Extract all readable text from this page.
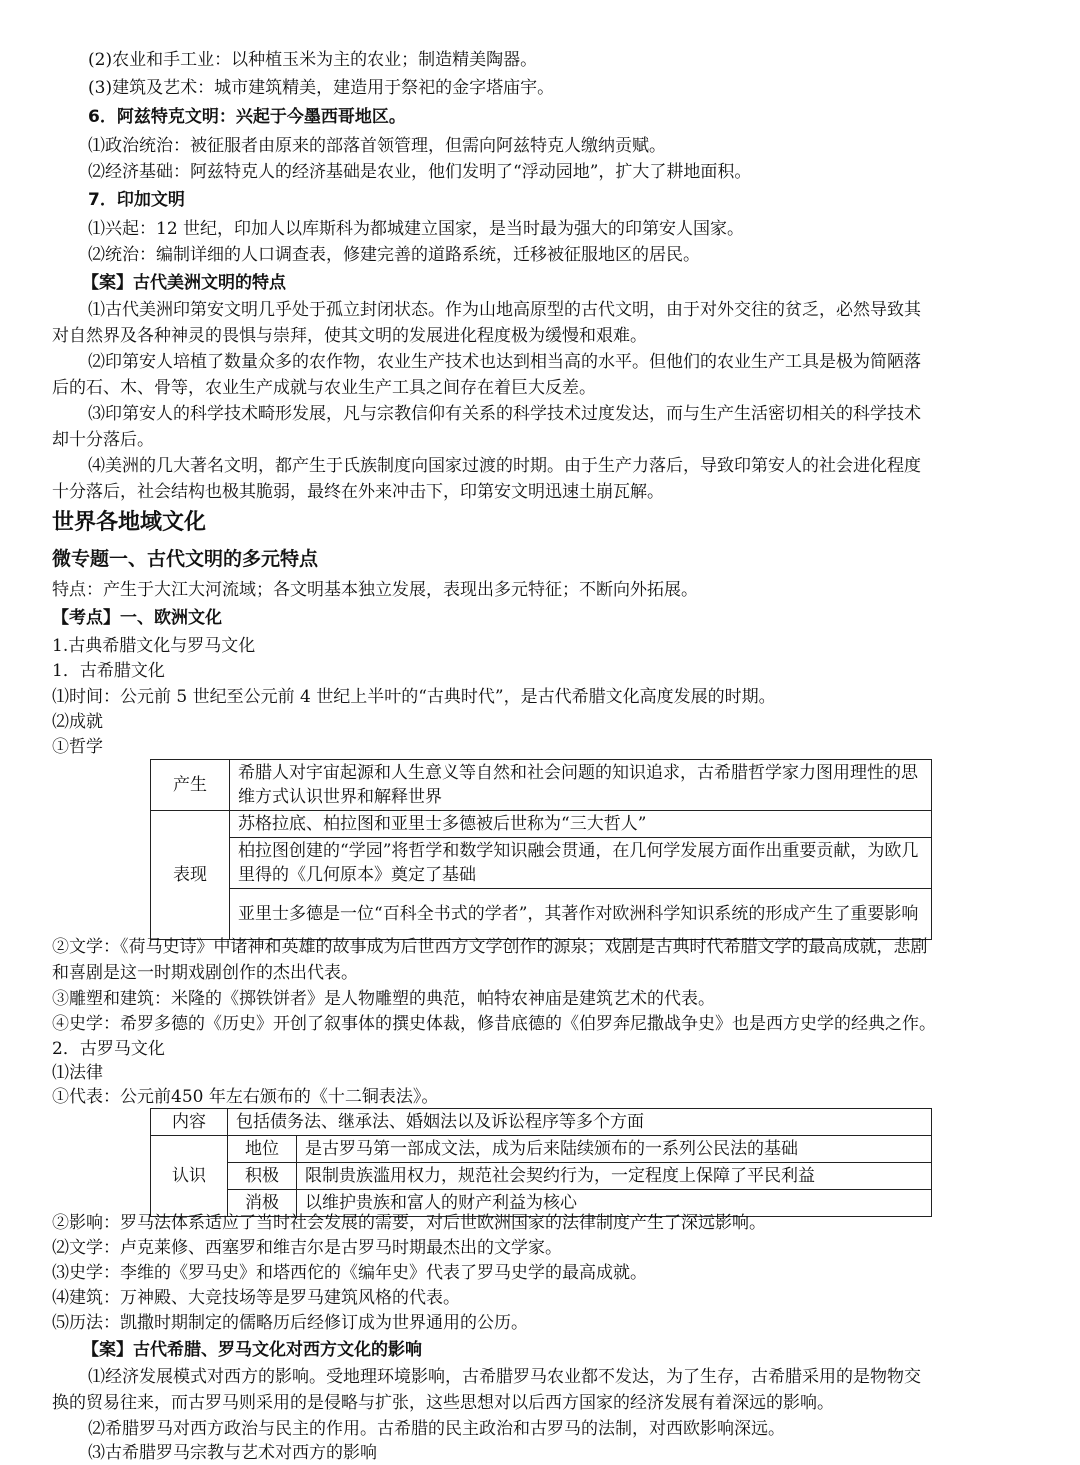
(2)农业和手工业：以种植玉米为主的农业；制造精美陶器。
(3)建筑及艺术：城市建筑精美，建造用于祭祀的金字塔庙宇。
6．阿兹特克文明：兴起于今墨西哥地区。
⑴政治统治：被征服者由原来的部落首领管理，但需向阿兹特克人缴纳贡赋。
⑵经济基础：阿兹特克人的经济基础是农业，他们发明了“浮动园地”，扩大了耕地面积。
7．印加文明
⑴兴起：12 世纪，印加人以库斯科为都城建立国家，是当时最为强大的印第安人国家。
⑵统治：编制详细的人口调查表，修建完善的道路系统，迁移被征服地区的居民。
【案】古代美洲文明的特点
⑴古代美洲印第安文明几乎处于孤立封闭状态。作为山地高原型的古代文明，由于对外交往的贫乏，必然导致其
对自然界及各种神灵的畏惧与崇拜，使其文明的发展进化程度极为缓慢和艰难。
⑵印第安人培植了数量众多的农作物，农业生产技术也达到相当高的水平。但他们的农业生产工具是极为简陋落
后的石、木、骨等，农业生产成就与农业生产工具之间存在着巨大反差。
⑶印第安人的科学技术畸形发展，凡与宗教信仰有关系的科学技术过度发达，而与生产生活密切相关的科学技术
却十分落后。
⑷美洲的几大著名文明，都产生于氏族制度向国家过渡的时期。由于生产力落后，导致印第安人的社会进化程度
十分落后，社会结构也极其脆弱，最终在外来冲击下，印第安文明迅速土崩瓦解。
世界各地域文化
微专题一、古代文明的多元特点
特点：产生于大江大河流域；各文明基本独立发展，表现出多元特征；不断向外拓展。
【考点】一、欧洲文化
1.古典希腊文化与罗马文化
1．古希腊文化
⑴时间：公元前 5 世纪至公元前 4 世纪上半叶的“古典时代”，是古代希腊文化高度发展的时期。
⑵成就
①哲学
产生	希腊人对宇宙起源和人生意义等自然和社会问题的知识追求，古希腊哲学家力图用理性的思维方式认识世界和解释世界
表现	苏格拉底、柏拉图和亚里士多德被后世称为“三大哲人”
	柏拉图创建的“学园”将哲学和数学知识融会贯通，在几何学发展方面作出重要贡献，为欧几里得的《几何原本》奠定了基础
	亚里士多德是一位“百科全书式的学者”，其著作对欧洲科学知识系统的形成产生了重要影响
②文学：《荷马史诗》中诸神和英雄的故事成为后世西方文学创作的源泉；戏剧是古典时代希腊文学的最高成就，悲剧
和喜剧是这一时期戏剧创作的杰出代表。
③雕塑和建筑：米隆的《掷铁饼者》是人物雕塑的典范，帕特农神庙是建筑艺术的代表。
④史学：希罗多德的《历史》开创了叙事体的撰史体裁，修昔底德的《伯罗奔尼撒战争史》也是西方史学的经典之作。
2．古罗马文化
⑴法律
①代表：公元前450 年左右颁布的《十二铜表法》。
内容	包括债务法、继承法、婚姻法以及诉讼程序等多个方面	
认识	地位	是古罗马第一部成文法，成为后来陆续颁布的一系列公民法的基础
	积极	限制贵族滥用权力，规范社会契约行为，一定程度上保障了平民利益
	消极	以维护贵族和富人的财产利益为核心
②影响：罗马法体系适应了当时社会发展的需要，对后世欧洲国家的法律制度产生了深远影响。
⑵文学：卢克莱修、西塞罗和维吉尔是古罗马时期最杰出的文学家。
⑶史学：李维的《罗马史》和塔西佗的《编年史》代表了罗马史学的最高成就。
⑷建筑：万神殿、大竞技场等是罗马建筑风格的代表。
⑸历法：凯撒时期制定的儒略历后经修订成为世界通用的公历。
【案】古代希腊、罗马文化对西方文化的影响
⑴经济发展模式对西方的影响。受地理环境影响，古希腊罗马农业都不发达，为了生存，古希腊采用的是物物交
换的贸易往来，而古罗马则采用的是侵略与扩张，这些思想对以后西方国家的经济发展有着深远的影响。
⑵希腊罗马对西方政治与民主的作用。古希腊的民主政治和古罗马的法制，对西欧影响深远。
⑶古希腊罗马宗教与艺术对西方的影响
